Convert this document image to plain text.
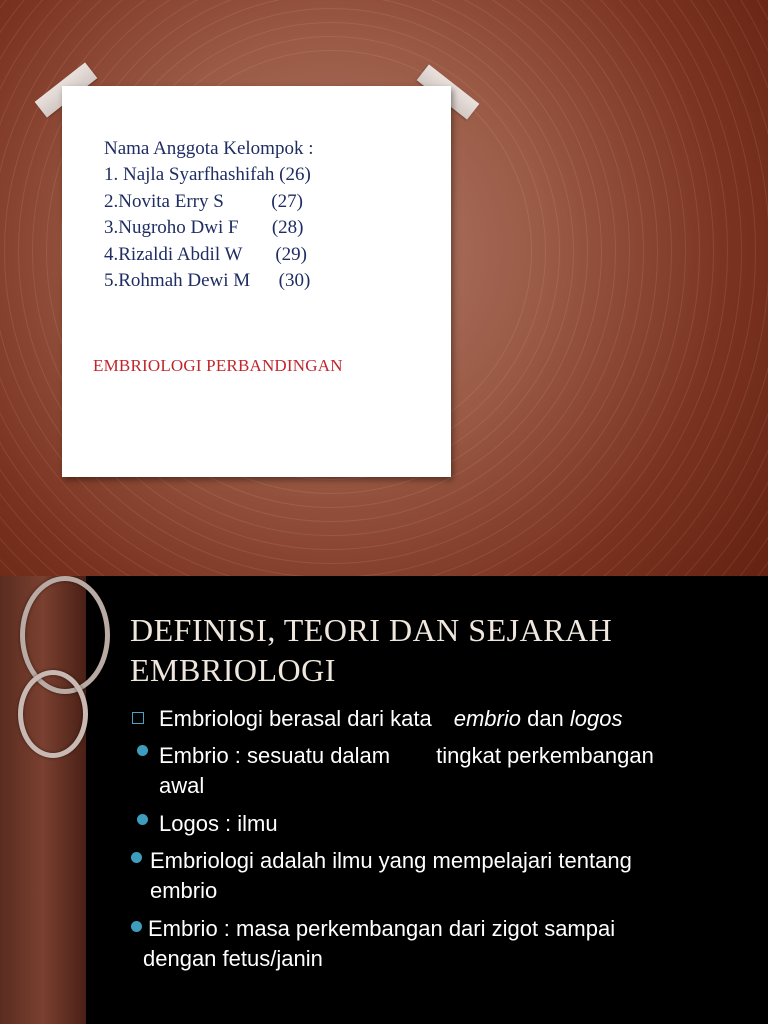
Nama Anggota Kelompok :
1. Najla Syarfhashifah (26)
2.Novita Erry S          (27)
3.Nugroho Dwi F       (28)
4.Rizaldi Abdil W       (29)
5.Rohmah Dewi M      (30)
EMBRIOLOGI PERBANDINGAN
DEFINISI, TEORI DAN SEJARAH
EMBRIOLOGI
Embriologi berasal dari kata embrio dan logos
Embrio : sesuatu dalam tingkat perkembangan
awal
Logos : ilmu
Embriologi adalah ilmu yang mempelajari tentang
embrio
Embrio : masa perkembangan dari zigot sampai
dengan fetus/janin
